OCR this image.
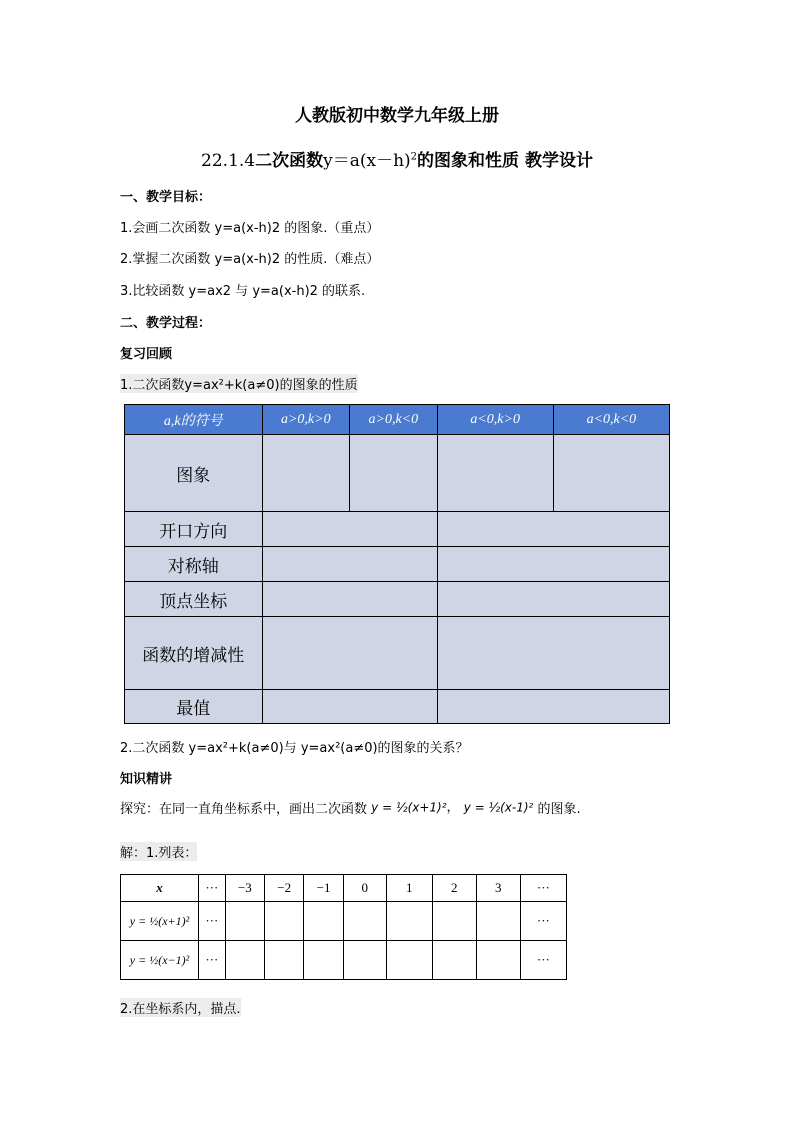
人教版初中数学九年级上册
22.1.4二次函数$y=a(x-h)^2$的图象和性质 教学设计
一、教学目标：
1.会画二次函数 y=a(x-h)2 的图象.（重点）
2.掌握二次函数 y=a(x-h)2 的性质.（难点）
3.比较函数 y=ax2 与 y=a(x-h)2 的联系.
二、教学过程：
复习回顾
1.二次函数y=ax²+k(a≠0)的图象的性质
a,k的符号	a>0,k>0	a>0,k<0	a<0,k>0	a<0,k<0
图象				
开口方向				
对称轴				
顶点坐标				
函数的增减性				
最值				
2.二次函数 y=ax²+k(a≠0)与 y=ax²(a≠0)的图象的关系？
知识精讲
探究：在同一直角坐标系中，画出二次函数 y = ½(x+1)²， y = ½(x-1)² 的图象.
解：1.列表：
x	···	−3	−2	−1	0	1	2	3	···
y = ½(x+1)²	···								···
y = ½(x−1)²	···								···
2.在坐标系内，描点.
